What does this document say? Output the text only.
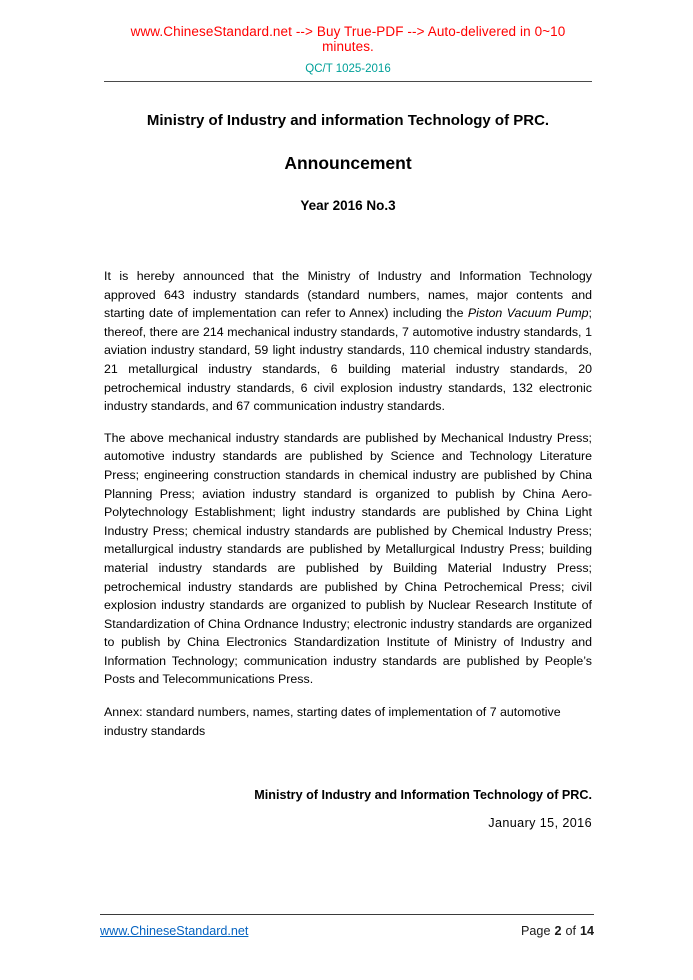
www.ChineseStandard.net --> Buy True-PDF --> Auto-delivered in 0~10 minutes.
QC/T 1025-2016
Ministry of Industry and information Technology of PRC.
Announcement
Year 2016 No.3

It is hereby announced that the Ministry of Industry and Information Technology approved 643 industry standards (standard numbers, names, major contents and starting date of implementation can refer to Annex) including the Piston Vacuum Pump; thereof, there are 214 mechanical industry standards, 7 automotive industry standards, 1 aviation industry standard, 59 light industry standards, 110 chemical industry standards, 21 metallurgical industry standards, 6 building material industry standards, 20 petrochemical industry standards, 6 civil explosion industry standards, 132 electronic industry standards, and 67 communication industry standards.

The above mechanical industry standards are published by Mechanical Industry Press; automotive industry standards are published by Science and Technology Literature Press; engineering construction standards in chemical industry are published by China Planning Press; aviation industry standard is organized to publish by China Aero-Polytechnology Establishment; light industry standards are published by China Light Industry Press; chemical industry standards are published by Chemical Industry Press; metallurgical industry standards are published by Metallurgical Industry Press; building material industry standards are published by Building Material Industry Press; petrochemical industry standards are published by China Petrochemical Press; civil explosion industry standards are organized to publish by Nuclear Research Institute of Standardization of China Ordnance Industry; electronic industry standards are organized to publish by China Electronics Standardization Institute of Ministry of Industry and Information Technology; communication industry standards are published by People’s Posts and Telecommunications Press.

Annex: standard numbers, names, starting dates of implementation of 7 automotive industry standards

Ministry of Industry and Information Technology of PRC.
January 15, 2016
www.ChineseStandard.net	Page 2 of 14
